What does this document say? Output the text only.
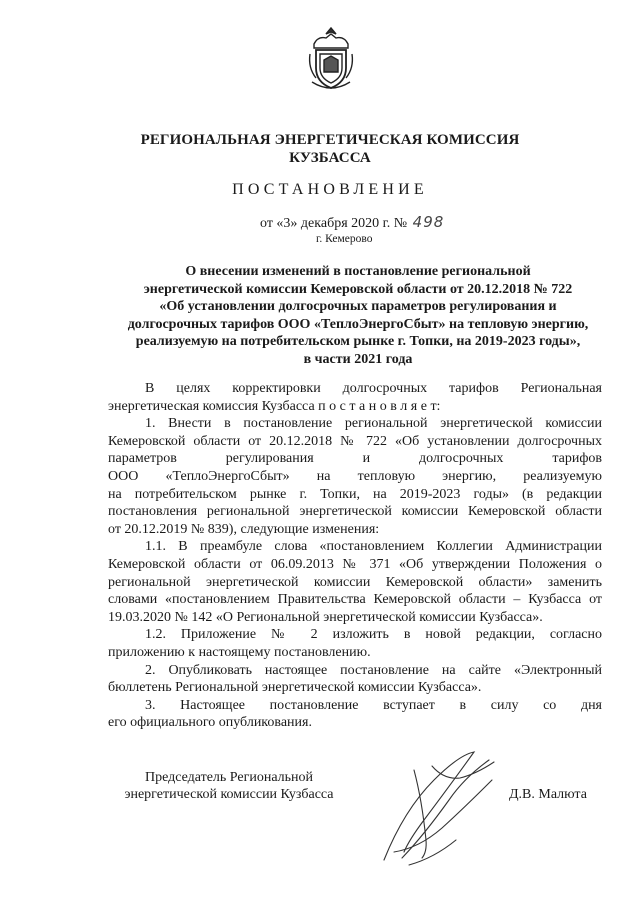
РЕГИОНАЛЬНАЯ ЭНЕРГЕТИЧЕСКАЯ КОМИССИЯ КУЗБАССА
ПОСТАНОВЛЕНИЕ
от «3» декабря 2020 г. № 498
г. Кемерово
О внесении изменений в постановление региональной
энергетической комиссии Кемеровской области от 20.12.2018 № 722
«Об установлении долгосрочных параметров регулирования и
долгосрочных тарифов ООО «ТеплоЭнергоСбыт» на тепловую энергию,
реализуемую на потребительском рынке г. Топки, на 2019-2023 годы»,
в части 2021 года
В целях корректировки долгосрочных тарифов Региональная
энергетическая комиссия Кузбасса п о с т а н о в л я е т:
1. Внести в постановление региональной энергетической комиссии
Кемеровской области от 20.12.2018 № 722 «Об установлении долгосрочных
параметров регулирования и долгосрочных тарифов
ООО «ТеплоЭнергоСбыт» на тепловую энергию, реализуемую
на потребительском рынке г. Топки, на 2019-2023 годы» (в редакции
постановления региональной энергетической комиссии Кемеровской области
от 20.12.2019 № 839), следующие изменения:
1.1. В преамбуле слова «постановлением Коллегии Администрации
Кемеровской области от 06.09.2013 № 371 «Об утверждении Положения о
региональной энергетической комиссии Кемеровской области» заменить
словами «постановлением Правительства Кемеровской области – Кузбасса от
19.03.2020 № 142 «О Региональной энергетической комиссии Кузбасса».
1.2. Приложение № 2 изложить в новой редакции, согласно
приложению к настоящему постановлению.
2. Опубликовать настоящее постановление на сайте «Электронный
бюллетень Региональной энергетической комиссии Кузбасса».
3. Настоящее постановление вступает в силу со дня
его официального опубликования.
Председатель Региональной
энергетической комиссии Кузбасса	Д.В. Малюта
